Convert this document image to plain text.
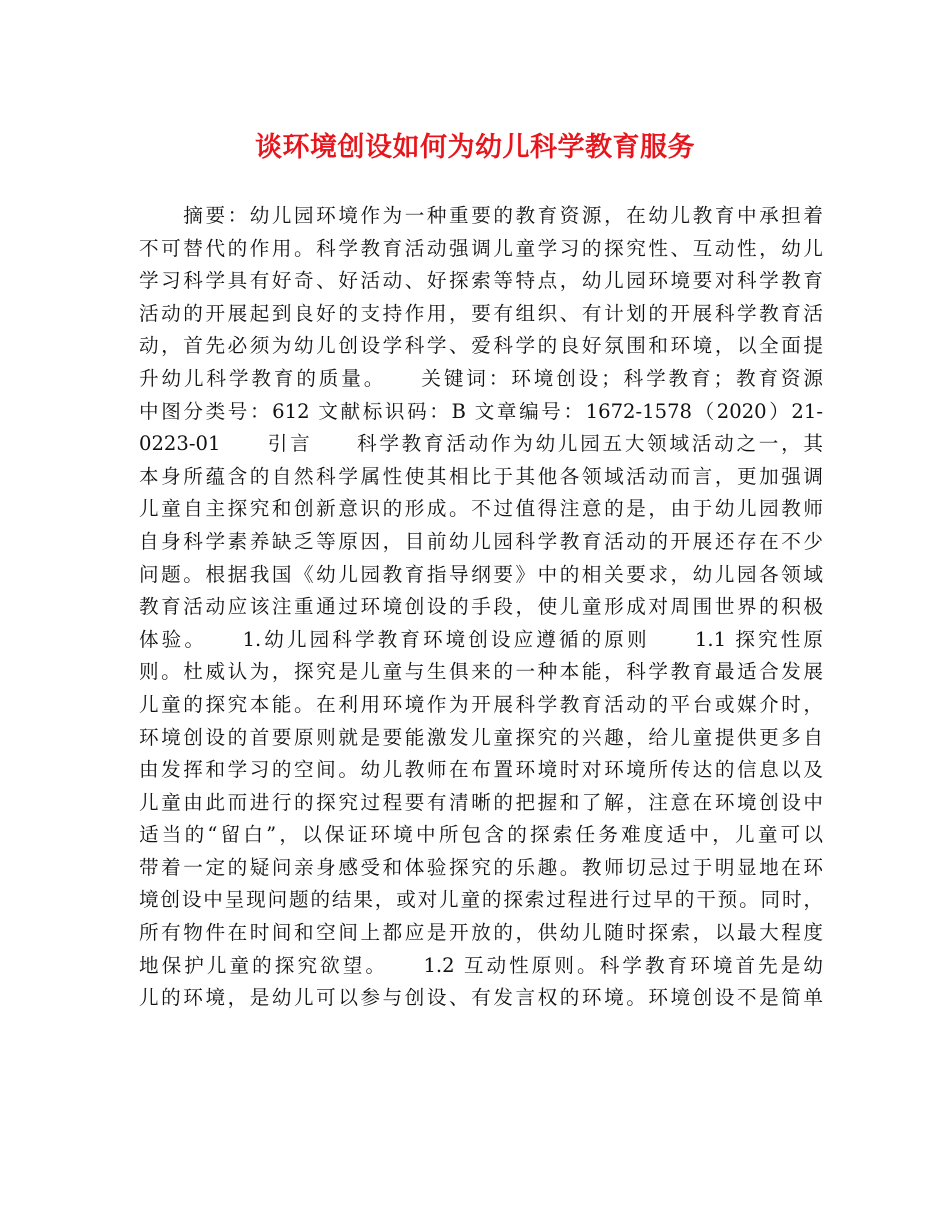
谈环境创设如何为幼儿科学教育服务
　　摘要：幼儿园环境作为一种重要的教育资源，在幼儿教育中承担着
不可替代的作用。科学教育活动强调儿童学习的探究性、互动性，幼儿
学习科学具有好奇、好活动、好探索等特点，幼儿园环境要对科学教育
活动的开展起到良好的支持作用，要有组织、有计划的开展科学教育活
动，首先必须为幼儿创设学科学、爱科学的良好氛围和环境，以全面提
升幼儿科学教育的质量。　　关键词：环境创设；科学教育；教育资源
中图分类号：612 文献标识码：B 文章编号：1672-1578（2020）21-
0223-01　　引言　　科学教育活动作为幼儿园五大领域活动之一，其
本身所蕴含的自然科学属性使其相比于其他各领域活动而言，更加强调
儿童自主探究和创新意识的形成。不过值得注意的是，由于幼儿园教师
自身科学素养缺乏等原因，目前幼儿园科学教育活动的开展还存在不少
问题。根据我国《幼儿园教育指导纲要》中的相关要求，幼儿园各领域
教育活动应该注重通过环境创设的手段，使儿童形成对周围世界的积极
体验。　　1.幼儿园科学教育环境创设应遵循的原则　　1.1 探究性原
则。杜威认为，探究是儿童与生俱来的一种本能，科学教育最适合发展
儿童的探究本能。在利用环境作为开展科学教育活动的平台或媒介时，
环境创设的首要原则就是要能激发儿童探究的兴趣，给儿童提供更多自
由发挥和学习的空间。幼儿教师在布置环境时对环境所传达的信息以及
儿童由此而进行的探究过程要有清晰的把握和了解，注意在环境创设中
适当的“留白”，以保证环境中所包含的探索任务难度适中，儿童可以
带着一定的疑问亲身感受和体验探究的乐趣。教师切忌过于明显地在环
境创设中呈现问题的结果，或对儿童的探索过程进行过早的干预。同时，
所有物件在时间和空间上都应是开放的，供幼儿随时探索，以最大程度
地保护儿童的探究欲望。　　1.2 互动性原则。科学教育环境首先是幼
儿的环境，是幼儿可以参与创设、有发言权的环境。环境创设不是简单
